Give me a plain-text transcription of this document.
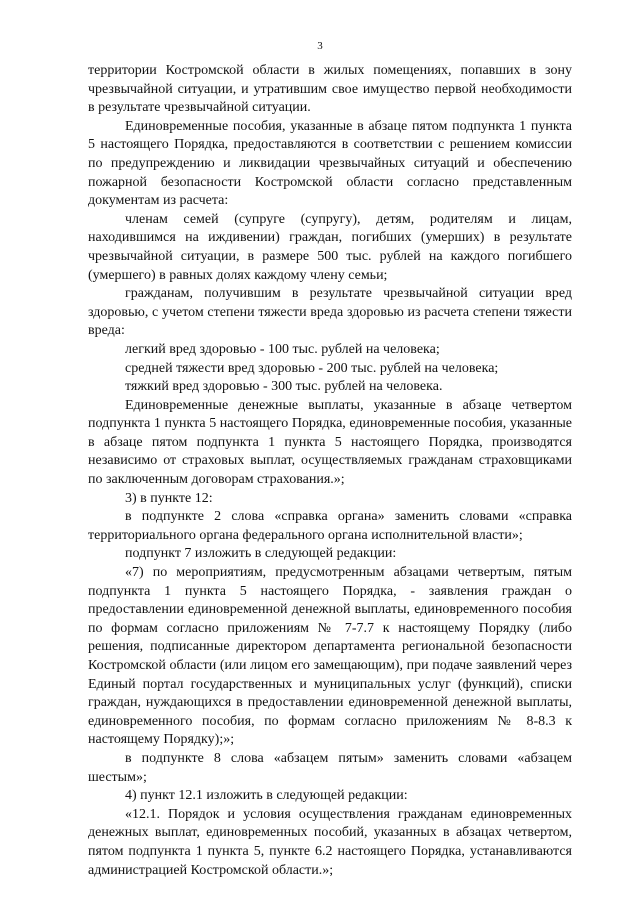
3

территории Костромской области в жилых помещениях, попавших в зону чрезвычайной ситуации, и утратившим свое имущество первой необходимости в результате чрезвычайной ситуации.

Единовременные пособия, указанные в абзаце пятом подпункта 1 пункта 5 настоящего Порядка, предоставляются в соответствии с решением комиссии по предупреждению и ликвидации чрезвычайных ситуаций и обеспечению пожарной безопасности Костромской области согласно представленным документам из расчета:

членам семей (супруге (супругу), детям, родителям и лицам, находившимся на иждивении) граждан, погибших (умерших) в результате чрезвычайной ситуации, в размере 500 тыс. рублей на каждого погибшего (умершего) в равных долях каждому члену семьи;

гражданам, получившим в результате чрезвычайной ситуации вред здоровью, с учетом степени тяжести вреда здоровью из расчета степени тяжести вреда:

легкий вред здоровью - 100 тыс. рублей на человека;

средней тяжести вред здоровью - 200 тыс. рублей на человека;

тяжкий вред здоровью - 300 тыс. рублей на человека.

Единовременные денежные выплаты, указанные в абзаце четвертом подпункта 1 пункта 5 настоящего Порядка, единовременные пособия, указанные в абзаце пятом подпункта 1 пункта 5 настоящего Порядка, производятся независимо от страховых выплат, осуществляемых гражданам страховщиками по заключенным договорам страхования.»;

3) в пункте 12:

в подпункте 2 слова «справка органа» заменить словами «справка территориального органа федерального органа исполнительной власти»;

подпункт 7 изложить в следующей редакции:

«7) по мероприятиям, предусмотренным абзацами четвертым, пятым подпункта 1 пункта 5 настоящего Порядка, - заявления граждан о предоставлении единовременной денежной выплаты, единовременного пособия по формам согласно приложениям № 7-7.7 к настоящему Порядку (либо решения, подписанные директором департамента региональной безопасности Костромской области (или лицом его замещающим), при подаче заявлений через Единый портал государственных и муниципальных услуг (функций), списки граждан, нуждающихся в предоставлении единовременной денежной выплаты, единовременного пособия, по формам согласно приложениям № 8-8.3 к настоящему Порядку);»;

в подпункте 8 слова «абзацем пятым» заменить словами «абзацем шестым»;

4) пункт 12.1 изложить в следующей редакции:

«12.1. Порядок и условия осуществления гражданам единовременных денежных выплат, единовременных пособий, указанных в абзацах четвертом, пятом подпункта 1 пункта 5, пункте 6.2 настоящего Порядка, устанавливаются администрацией Костромской области.»;
